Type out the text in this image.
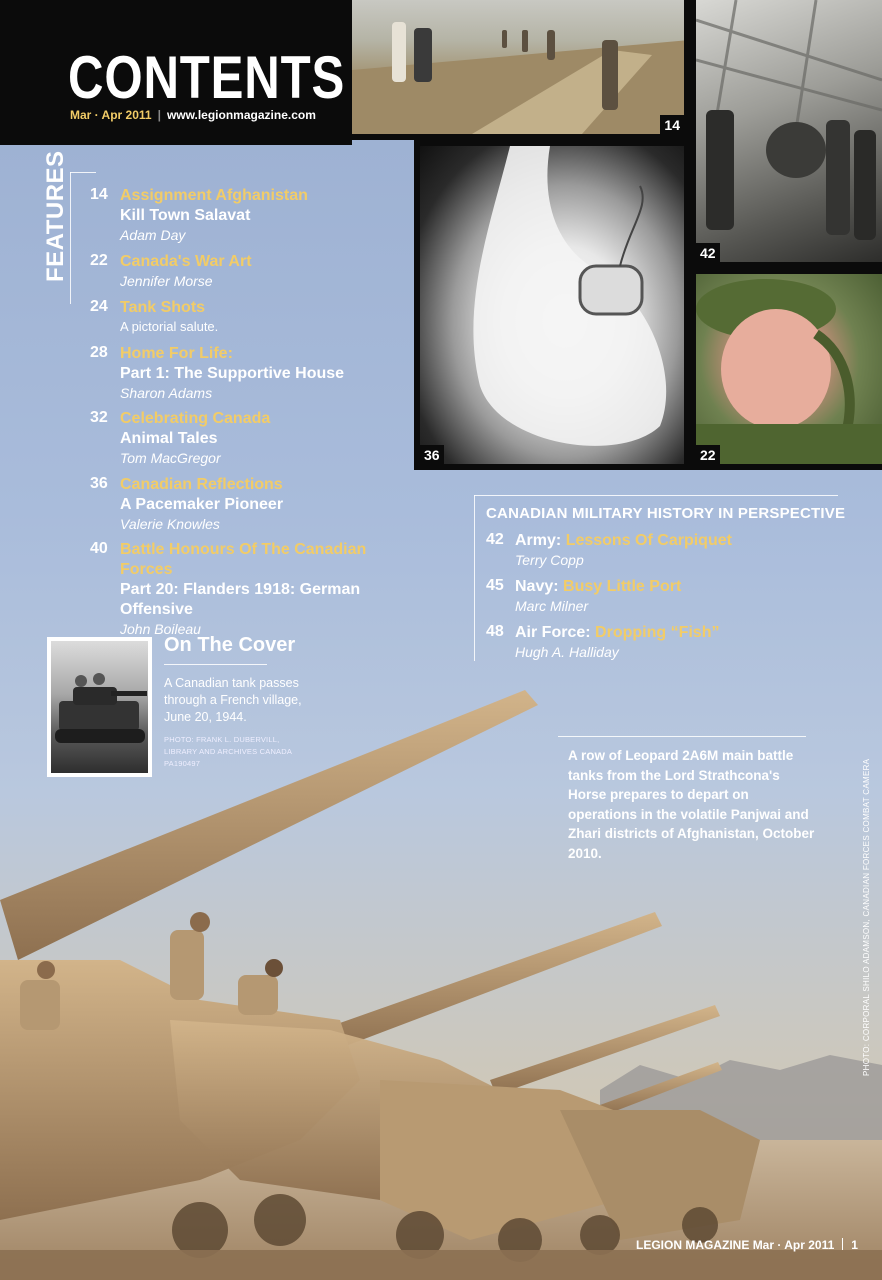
CONTENTS
Mar · Apr 2011 | www.legionmagazine.com
14
42
36	22
FEATURES 14 Assignment Afghanistan
Kill Town Salavat
Adam Day
22 Canada's War Art
Jennifer Morse
24 Tank Shots
A pictorial salute.
28 Home For Life:
Part 1: The Supportive House
Sharon Adams
32 Celebrating Canada
Animal Tales
Tom MacGregor
36 Canadian Reflections
A Pacemaker Pioneer
Valerie Knowles
40 Battle Honours Of The Canadian Forces
Part 20: Flanders 1918: German Offensive
John Boileau
CANADIAN MILITARY HISTORY IN PERSPECTIVE
42 Army: Lessons Of Carpiquet
Terry Copp
45 Navy: Busy Little Port
Marc Milner
48 Air Force: Dropping “Fish”
Hugh A. Halliday
On The Cover
A Canadian tank passes through a French village, June 20, 1944.
PHOTO: FRANK L. DUBERVILL, LIBRARY AND ARCHIVES CANADA PA190497
A row of Leopard 2A6M main battle tanks from the Lord Strathcona's Horse prepares to depart on operations in the volatile Panjwai and Zhari districts of Afghanistan, October 2010.	PHOTO: CORPORAL SHILO ADAMSON, CANADIAN FORCES COMBAT CAMERA
LEGION MAGAZINE Mar · Apr 2011 1
